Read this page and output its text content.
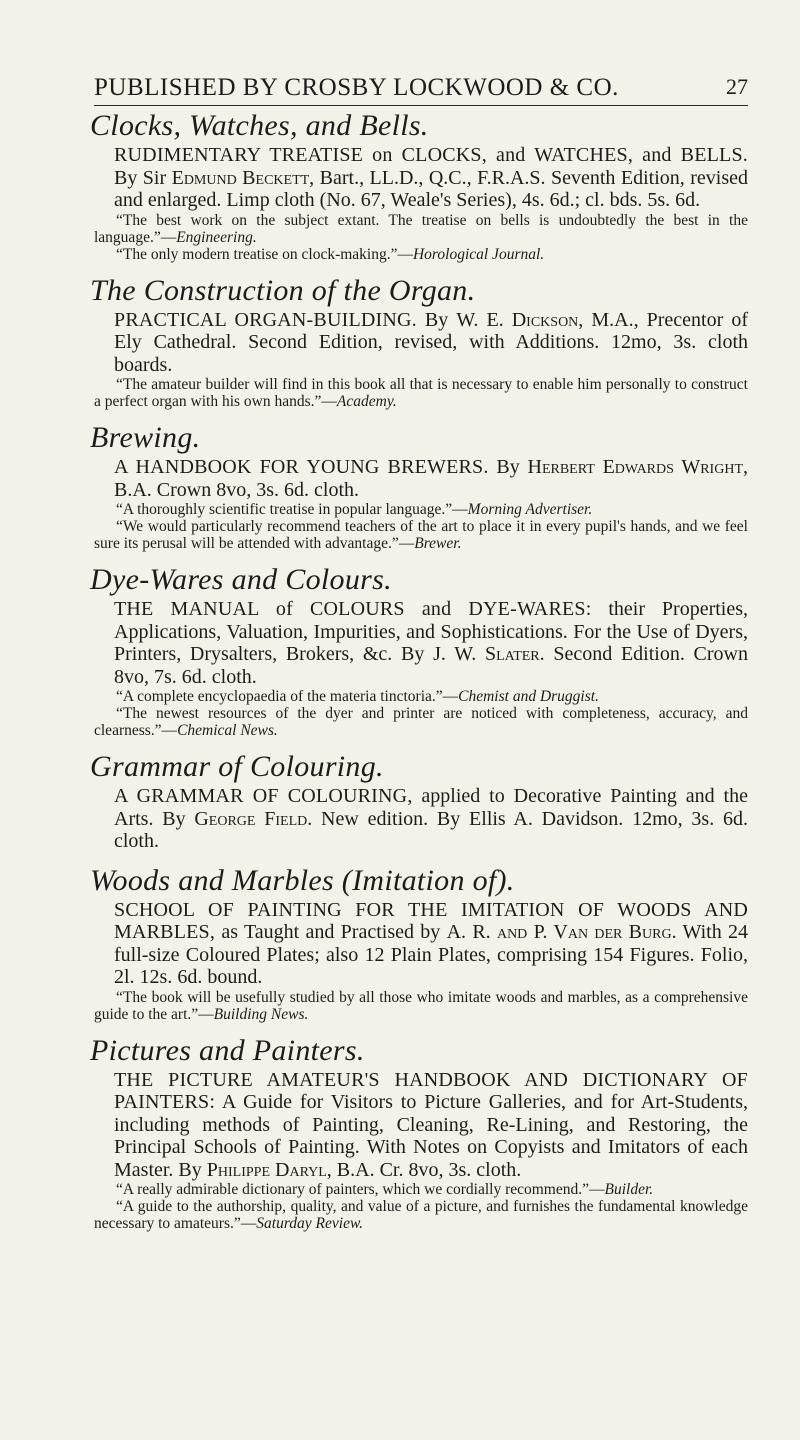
PUBLISHED BY CROSBY LOCKWOOD & CO.	27
Clocks, Watches, and Bells.
RUDIMENTARY TREATISE on CLOCKS, and WATCHES, and BELLS. By Sir Edmund Beckett, Bart., LL.D., Q.C., F.R.A.S. Seventh Edition, revised and enlarged. Limp cloth (No. 67, Weale's Series), 4s. 6d.; cl. bds. 5s. 6d.

“The best work on the subject extant. The treatise on bells is undoubtedly the best in the language.”—Engineering.

“The only modern treatise on clock-making.”—Horological Journal.

The Construction of the Organ.
PRACTICAL ORGAN-BUILDING. By W. E. Dickson, M.A., Precentor of Ely Cathedral. Second Edition, revised, with Additions. 12mo, 3s. cloth boards.

“The amateur builder will find in this book all that is necessary to enable him personally to construct a perfect organ with his own hands.”—Academy.

Brewing.
A HANDBOOK FOR YOUNG BREWERS. By Herbert Edwards Wright, B.A. Crown 8vo, 3s. 6d. cloth.

“A thoroughly scientific treatise in popular language.”—Morning Advertiser.

“We would particularly recommend teachers of the art to place it in every pupil's hands, and we feel sure its perusal will be attended with advantage.”—Brewer.

Dye-Wares and Colours.
THE MANUAL of COLOURS and DYE-WARES: their Properties, Applications, Valuation, Impurities, and Sophistications. For the Use of Dyers, Printers, Drysalters, Brokers, &c. By J. W. Slater. Second Edition. Crown 8vo, 7s. 6d. cloth.

“A complete encyclopaedia of the materia tinctoria.”—Chemist and Druggist.

“The newest resources of the dyer and printer are noticed with completeness, accuracy, and clearness.”—Chemical News.

Grammar of Colouring.
A GRAMMAR OF COLOURING, applied to Decorative Painting and the Arts. By George Field. New edition. By Ellis A. Davidson. 12mo, 3s. 6d. cloth.
Woods and Marbles (Imitation of).
SCHOOL OF PAINTING FOR THE IMITATION OF WOODS AND MARBLES, as Taught and Practised by A. R. and P. Van der Burg. With 24 full-size Coloured Plates; also 12 Plain Plates, comprising 154 Figures. Folio, 2l. 12s. 6d. bound.

“The book will be usefully studied by all those who imitate woods and marbles, as a comprehensive guide to the art.”—Building News.

Pictures and Painters.
THE PICTURE AMATEUR'S HANDBOOK AND DICTIONARY OF PAINTERS: A Guide for Visitors to Picture Galleries, and for Art-Students, including methods of Painting, Cleaning, Re-Lining, and Restoring, the Principal Schools of Painting. With Notes on Copyists and Imitators of each Master. By Philippe Daryl, B.A. Cr. 8vo, 3s. cloth.

“A really admirable dictionary of painters, which we cordially recommend.”—Builder.

“A guide to the authorship, quality, and value of a picture, and furnishes the fundamental knowledge necessary to amateurs.”—Saturday Review.
